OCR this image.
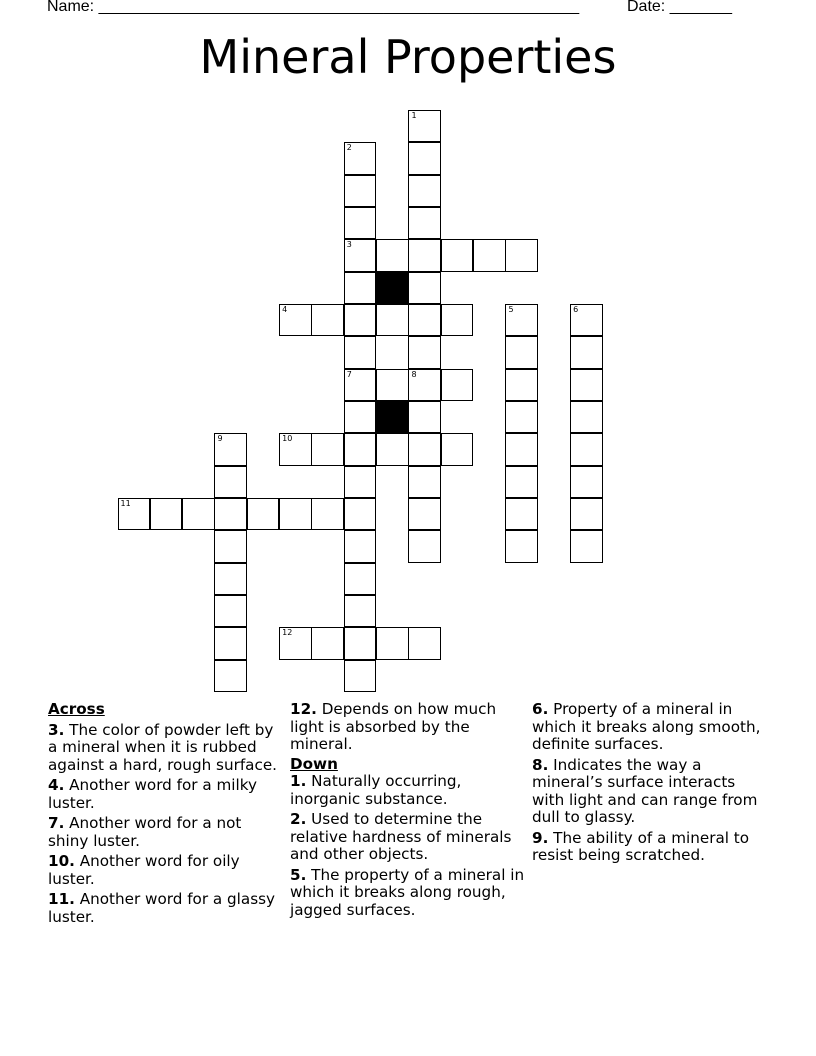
Name: ______________________________________________________	Date: _______
Mineral Properties
1
8
2
3
7
4	5	6
9	10
11
12
Across
3. The color of powder left by a mineral when it is rubbed against a hard, rough surface.
4. Another word for a milky luster.
7. Another word for a not shiny luster.
10. Another word for oily luster.
11. Another word for a glassy luster.
12. Depends on how much light is absorbed by the mineral.
Down
1. Naturally occurring, inorganic substance.
2. Used to determine the relative hardness of minerals and other objects.
5. The property of a mineral in which it breaks along rough, jagged surfaces.
6. Property of a mineral in which it breaks along smooth, definite surfaces.
8. Indicates the way a mineral’s surface interacts with light and can range from dull to glassy.
9. The ability of a mineral to resist being scratched.
